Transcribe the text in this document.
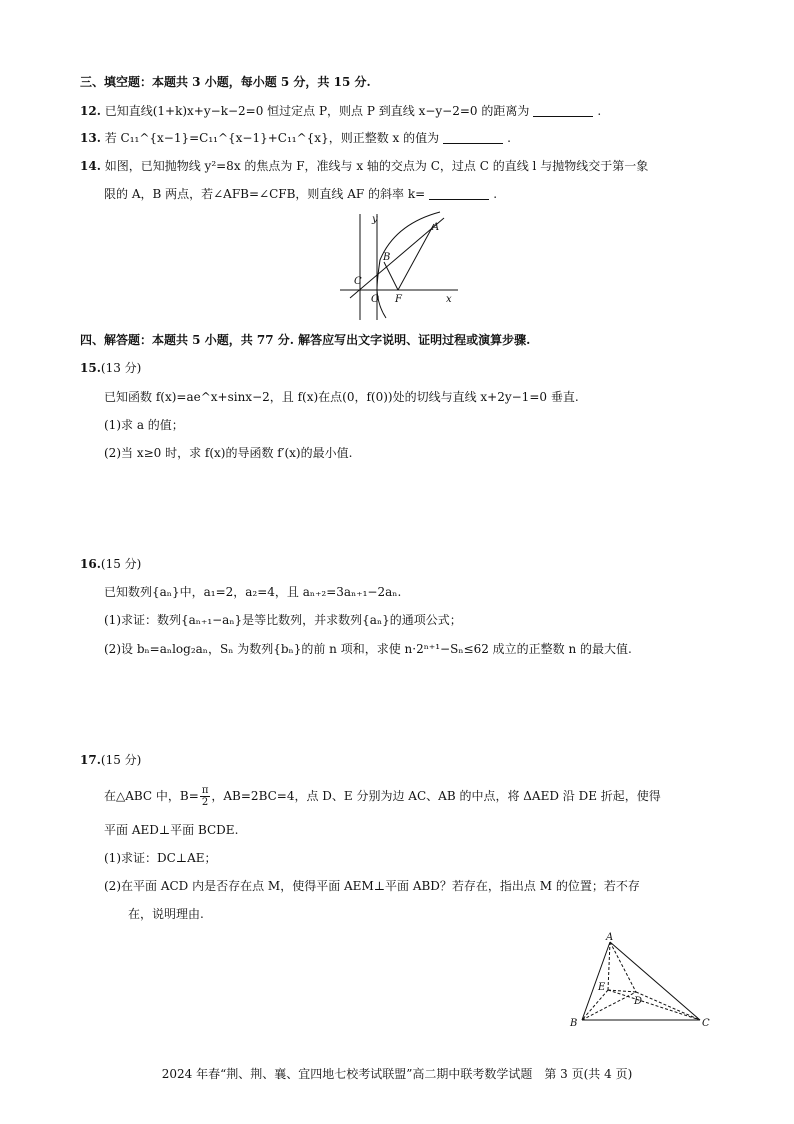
三、填空题：本题共 3 小题，每小题 5 分，共 15 分.
12. 已知直线(1+k)x+y−k−2=0 恒过定点 P，则点 P 到直线 x−y−2=0 的距离为	.
13. 若 C₁₁^{x−1}=C₁₁^{x−1}+C₁₁^{x}，则正整数 x 的值为	.
14. 如图，已知抛物线 y²=8x 的焦点为 F，准线与 x 轴的交点为 C，过点 C 的直线 l 与抛物线交于第一象
限的 A，B 两点，若∠AFB=∠CFB，则直线 AF 的斜率 k=	.
y
x
A
B
C
O F
四、解答题：本题共 5 小题，共 77 分. 解答应写出文字说明、证明过程或演算步骤.
15.(13 分)
已知函数 f(x)=ae^x+sinx−2，且 f(x)在点(0，f(0))处的切线与直线 x+2y−1=0 垂直.
(1)求 a 的值；
(2)当 x≥0 时，求 f(x)的导函数 f′(x)的最小值.
16.(15 分)
已知数列{aₙ}中，a₁=2，a₂=4，且 aₙ₊₂=3aₙ₊₁−2aₙ.
(1)求证：数列{aₙ₊₁−aₙ}是等比数列，并求数列{aₙ}的通项公式；
(2)设 bₙ=aₙlog₂aₙ，Sₙ 为数列{bₙ}的前 n 项和，求使 n·2ⁿ⁺¹−Sₙ≤62 成立的正整数 n 的最大值.
17.(15 分)
在△ABC 中，$B= \frac{\pi}{2}$ ，AB=2BC=4，点 D、E 分别为边 AC、AB 的中点，将 ΔAED 沿 DE 折起，使得
平面 AED⊥平面 BCDE.
(1)求证：DC⊥AE；
(2)在平面 ACD 内是否存在点 M，使得平面 AEM⊥平面 ABD？若存在，指出点 M 的位置；若不存
在，说明理由.
A
B	C
D
E
2024 年春“荆、荆、襄、宜四地七校考试联盟”高二期中联考数学试题　第 3 页(共 4 页)
